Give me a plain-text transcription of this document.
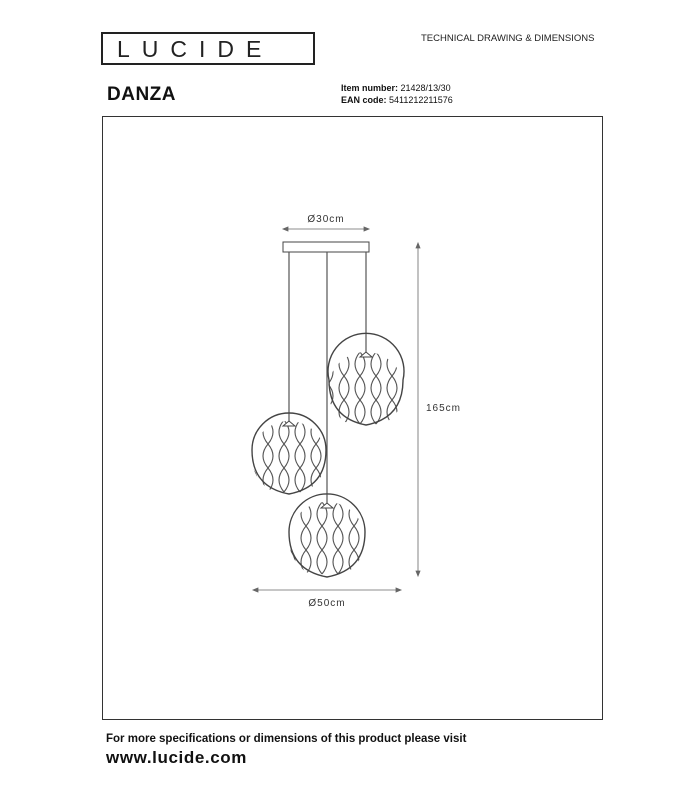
LUCIDE	TECHNICAL DRAWING & DIMENSIONS
DANZA	Item number: 21428/13/30
EAN code: 5411212211576
Ø30cm
165cm
Ø50cm
For more specifications or dimensions of this product please visit
www.lucide.com
